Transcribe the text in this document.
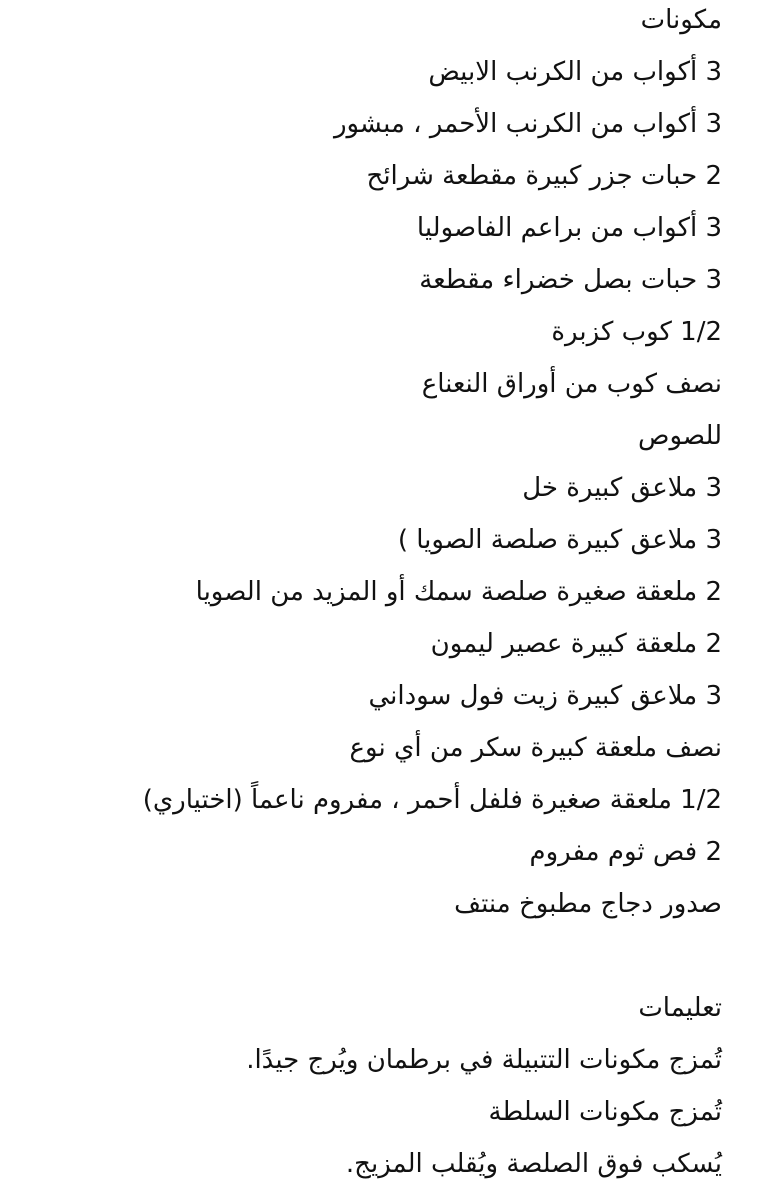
مكونات

3 أكواب من الكرنب الابيض

3 أكواب من الكرنب الأحمر ، مبشور

2 حبات جزر كبيرة مقطعة شرائح

3 أكواب من براعم الفاصوليا

3 حبات بصل خضراء مقطعة

1/2 كوب كزبرة

نصف كوب من أوراق النعناع

للصوص

3 ملاعق كبيرة خل

3 ملاعق كبيرة صلصة الصويا )

2 ملعقة صغيرة صلصة سمك أو المزيد من الصويا

2 ملعقة كبيرة عصير ليمون

3 ملاعق كبيرة زيت فول سوداني

نصف ملعقة كبيرة سكر من أي نوع

1/2 ملعقة صغيرة فلفل أحمر ، مفروم ناعماً (اختياري)

2 فص ثوم مفروم

صدور دجاج مطبوخ منتف

تعليمات

تُمزج مكونات التتبيلة في برطمان ويُرج جيدًا.

تُمزج مكونات السلطة

يُسكب فوق الصلصة ويُقلب المزيج.
